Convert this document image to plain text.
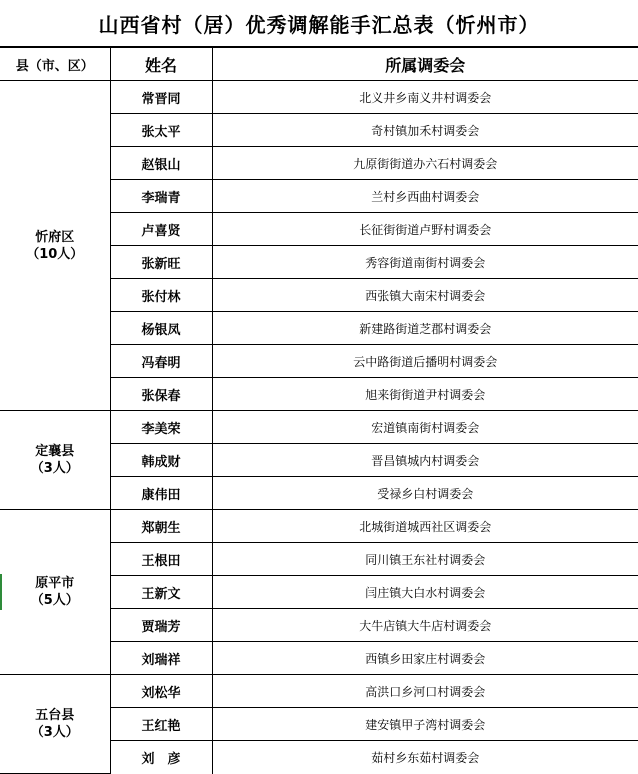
山西省村（居）优秀调解能手汇总表（忻州市）
县（市、区）	姓名	所属调委会

忻府区
（10人）	常晋同	北义井乡南义井村调委会
	张太平	奇村镇加禾村调委会
	赵银山	九原街街道办六石村调委会
	李瑞青	兰村乡西曲村调委会
	卢喜贤	长征街街道卢野村调委会
	张新旺	秀容街道南街村调委会
	张付林	西张镇大南宋村调委会
	杨银凤	新建路街道芝郡村调委会
	冯春明	云中路街道后播明村调委会
	张保春	旭来街街道尹村调委会

定襄县
（3人）	李美荣	宏道镇南街村调委会
	韩成财	晋昌镇城内村调委会
	康伟田	受禄乡白村调委会

原平市
（5人）	郑朝生	北城街道城西社区调委会
	王根田	同川镇王东社村调委会
	王新文	闫庄镇大白水村调委会
	贾瑞芳	大牛店镇大牛店村调委会
	刘瑞祥	西镇乡田家庄村调委会

五台县
（3人）	刘松华	高洪口乡河口村调委会
	王红艳	建安镇甲子湾村调委会
	刘　彦	茹村乡东茹村调委会
